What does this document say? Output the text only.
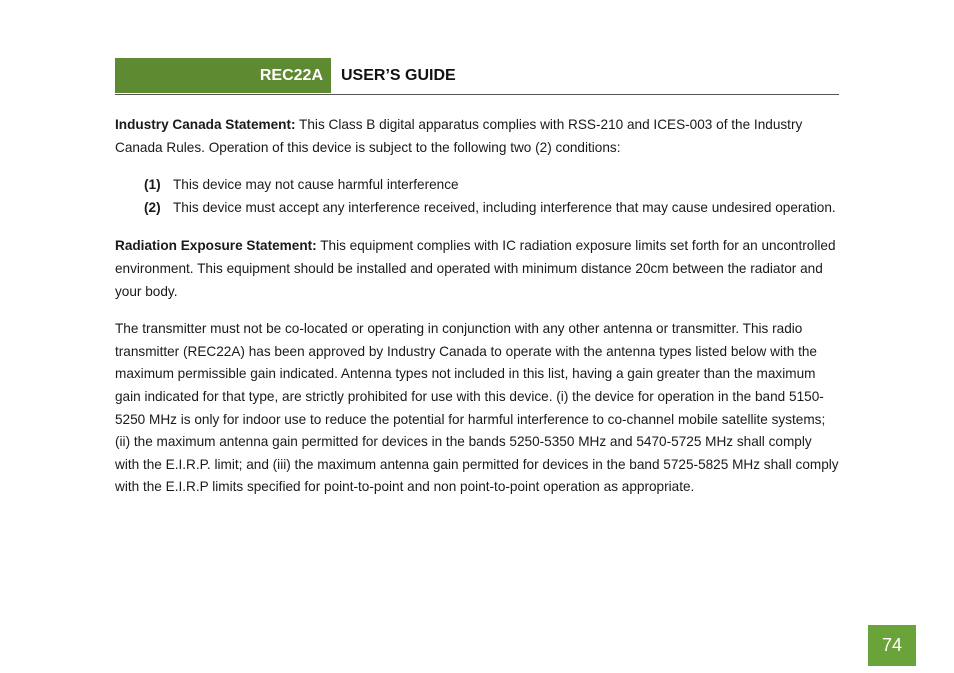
REC22A	USER’S GUIDE

Industry Canada Statement: This Class B digital apparatus complies with RSS-210 and ICES-003 of the Industry Canada Rules. Operation of this device is subject to the following two (2) conditions:

(1) This device may not cause harmful interference
(2) This device must accept any interference received, including interference that may cause undesired operation.

Radiation Exposure Statement: This equipment complies with IC radiation exposure limits set forth for an uncontrolled environment. This equipment should be installed and operated with minimum distance 20cm between the radiator and your body.

The transmitter must not be co-located or operating in conjunction with any other antenna or transmitter. This radio transmitter (REC22A) has been approved by Industry Canada to operate with the antenna types listed below with the maximum permissible gain indicated. Antenna types not included in this list, having a gain greater than the maximum gain indicated for that type, are strictly prohibited for use with this device. (i) the device for operation in the band 5150-5250 MHz is only for indoor use to reduce the potential for harmful interference to co-channel mobile satellite systems; (ii) the maximum antenna gain permitted for devices in the bands 5250-5350 MHz and 5470-5725 MHz shall comply with the E.I.R.P. limit; and (iii) the maximum antenna gain permitted for devices in the band 5725-5825 MHz shall comply with the E.I.R.P limits specified for point-to-point and non point-to-point operation as appropriate.

74
